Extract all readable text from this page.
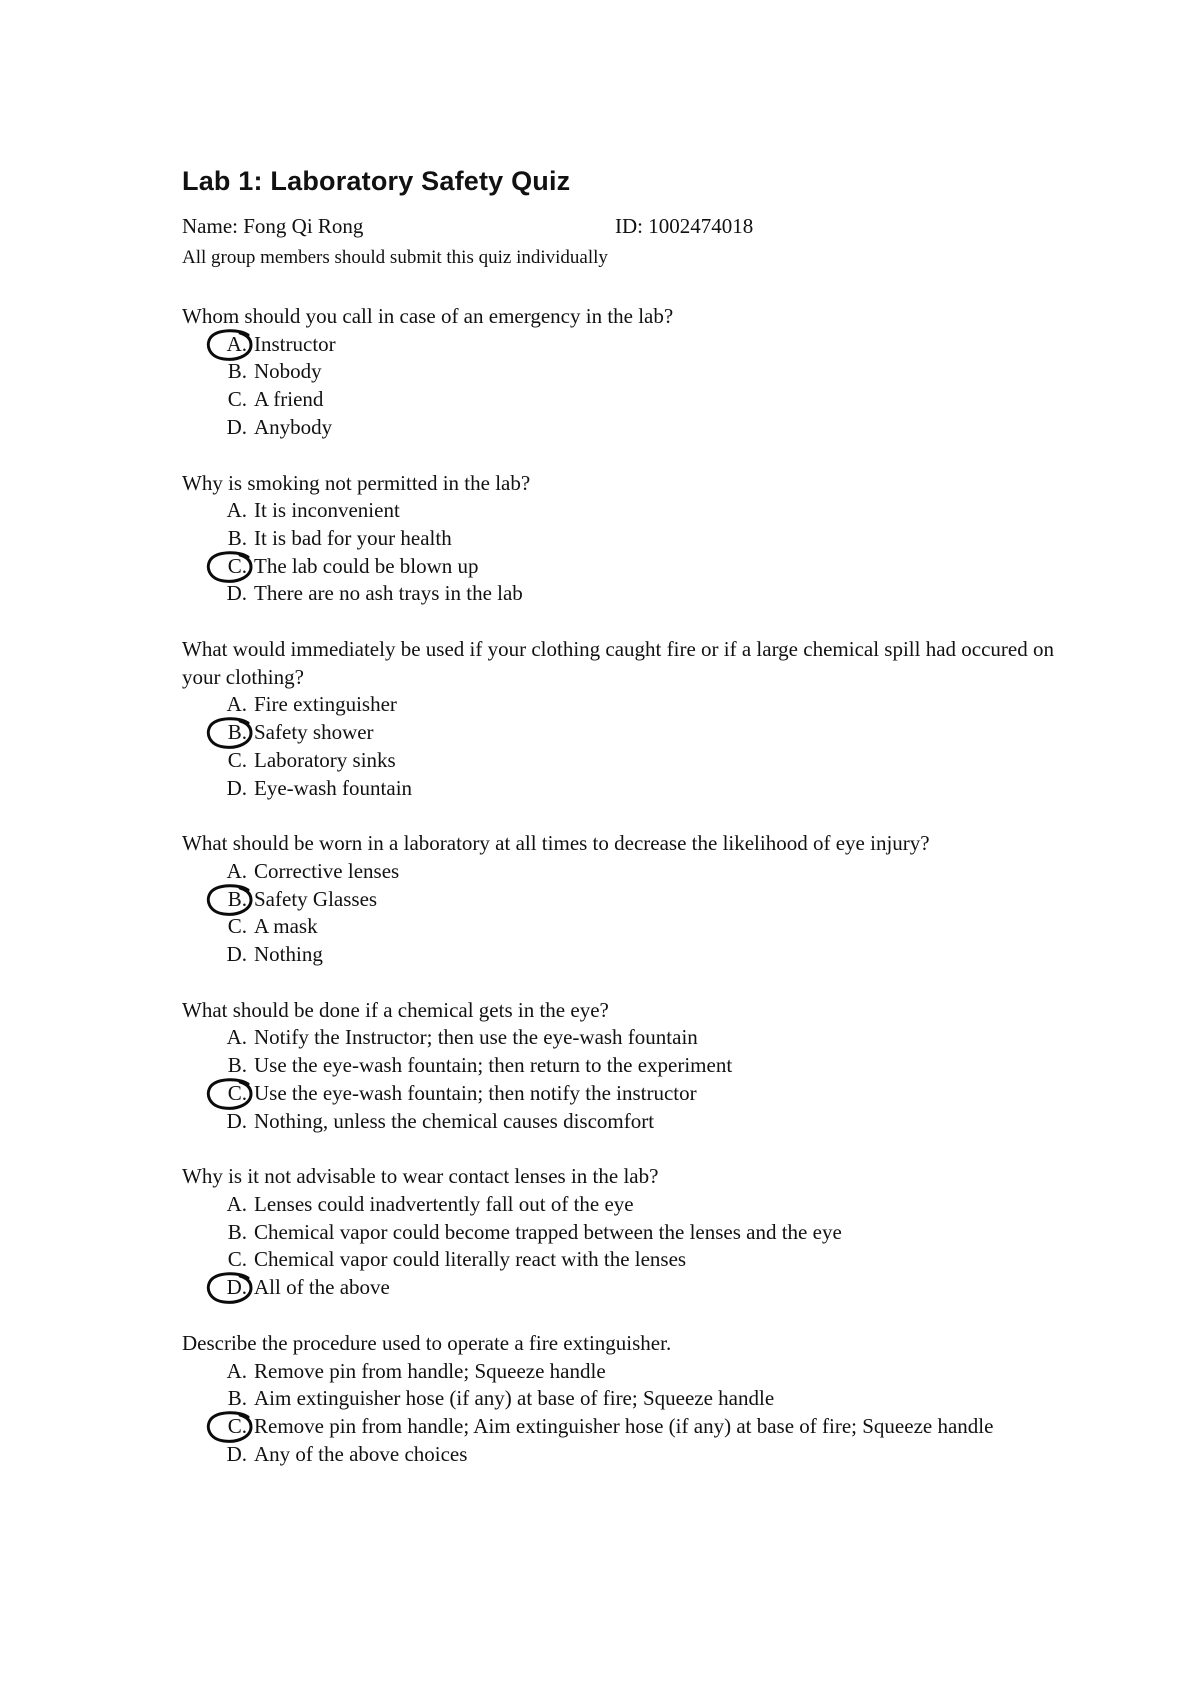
Lab 1: Laboratory Safety Quiz
Name: Fong Qi Rong	ID: 1002474018
All group members should submit this quiz individually
Whom should you call in case of an emergency in the lab?
A. Instructor
B. Nobody
C. A friend
D. Anybody
Why is smoking not permitted in the lab?
A. It is inconvenient
B. It is bad for your health
C. The lab could be blown up
D. There are no ash trays in the lab
What would immediately be used if your clothing caught fire or if a large chemical spill had occured on your clothing?
A. Fire extinguisher
B. Safety shower
C. Laboratory sinks
D. Eye-wash fountain
What should be worn in a laboratory at all times to decrease the likelihood of eye injury?
A. Corrective lenses
B. Safety Glasses
C. A mask
D. Nothing
What should be done if a chemical gets in the eye?
A. Notify the Instructor; then use the eye-wash fountain
B. Use the eye-wash fountain; then return to the experiment
C. Use the eye-wash fountain; then notify the instructor
D. Nothing, unless the chemical causes discomfort
Why is it not advisable to wear contact lenses in the lab?
A. Lenses could inadvertently fall out of the eye
B. Chemical vapor could become trapped between the lenses and the eye
C. Chemical vapor could literally react with the lenses
D. All of the above
Describe the procedure used to operate a fire extinguisher.
A. Remove pin from handle; Squeeze handle
B. Aim extinguisher hose (if any) at base of fire; Squeeze handle
C. Remove pin from handle; Aim extinguisher hose (if any) at base of fire; Squeeze handle
D. Any of the above choices
